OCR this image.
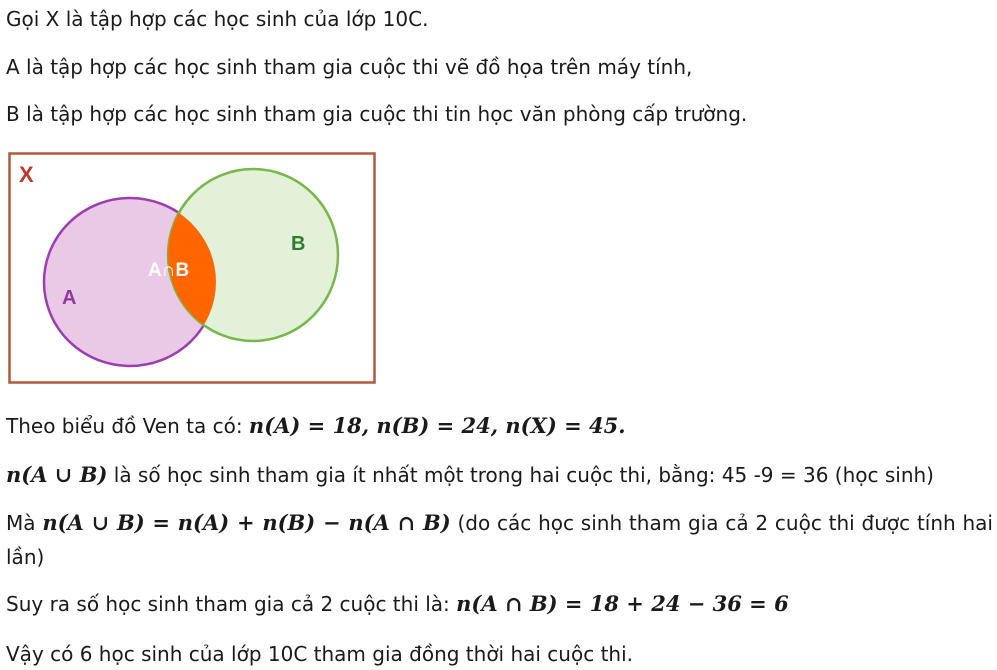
Gọi X là tập hợp các học sinh của lớp 10C.
A là tập hợp các học sinh tham gia cuộc thi vẽ đồ họa trên máy tính,
B là tập hợp các học sinh tham gia cuộc thi tin học văn phòng cấp trường.
X
A
B
A∩B
Theo biểu đồ Ven ta có: n(A) = 18, n(B) = 24, n(X) = 45.
n(A ∪ B) là số học sinh tham gia ít nhất một trong hai cuộc thi, bằng: 45 -9 = 36 (học sinh)
Mà n(A ∪ B) = n(A) + n(B) − n(A ∩ B) (do các học sinh tham gia cả 2 cuộc thi được tính hai lần)
Suy ra số học sinh tham gia cả 2 cuộc thi là: n(A ∩ B) = 18 + 24 − 36 = 6
Vậy có 6 học sinh của lớp 10C tham gia đồng thời hai cuộc thi.
